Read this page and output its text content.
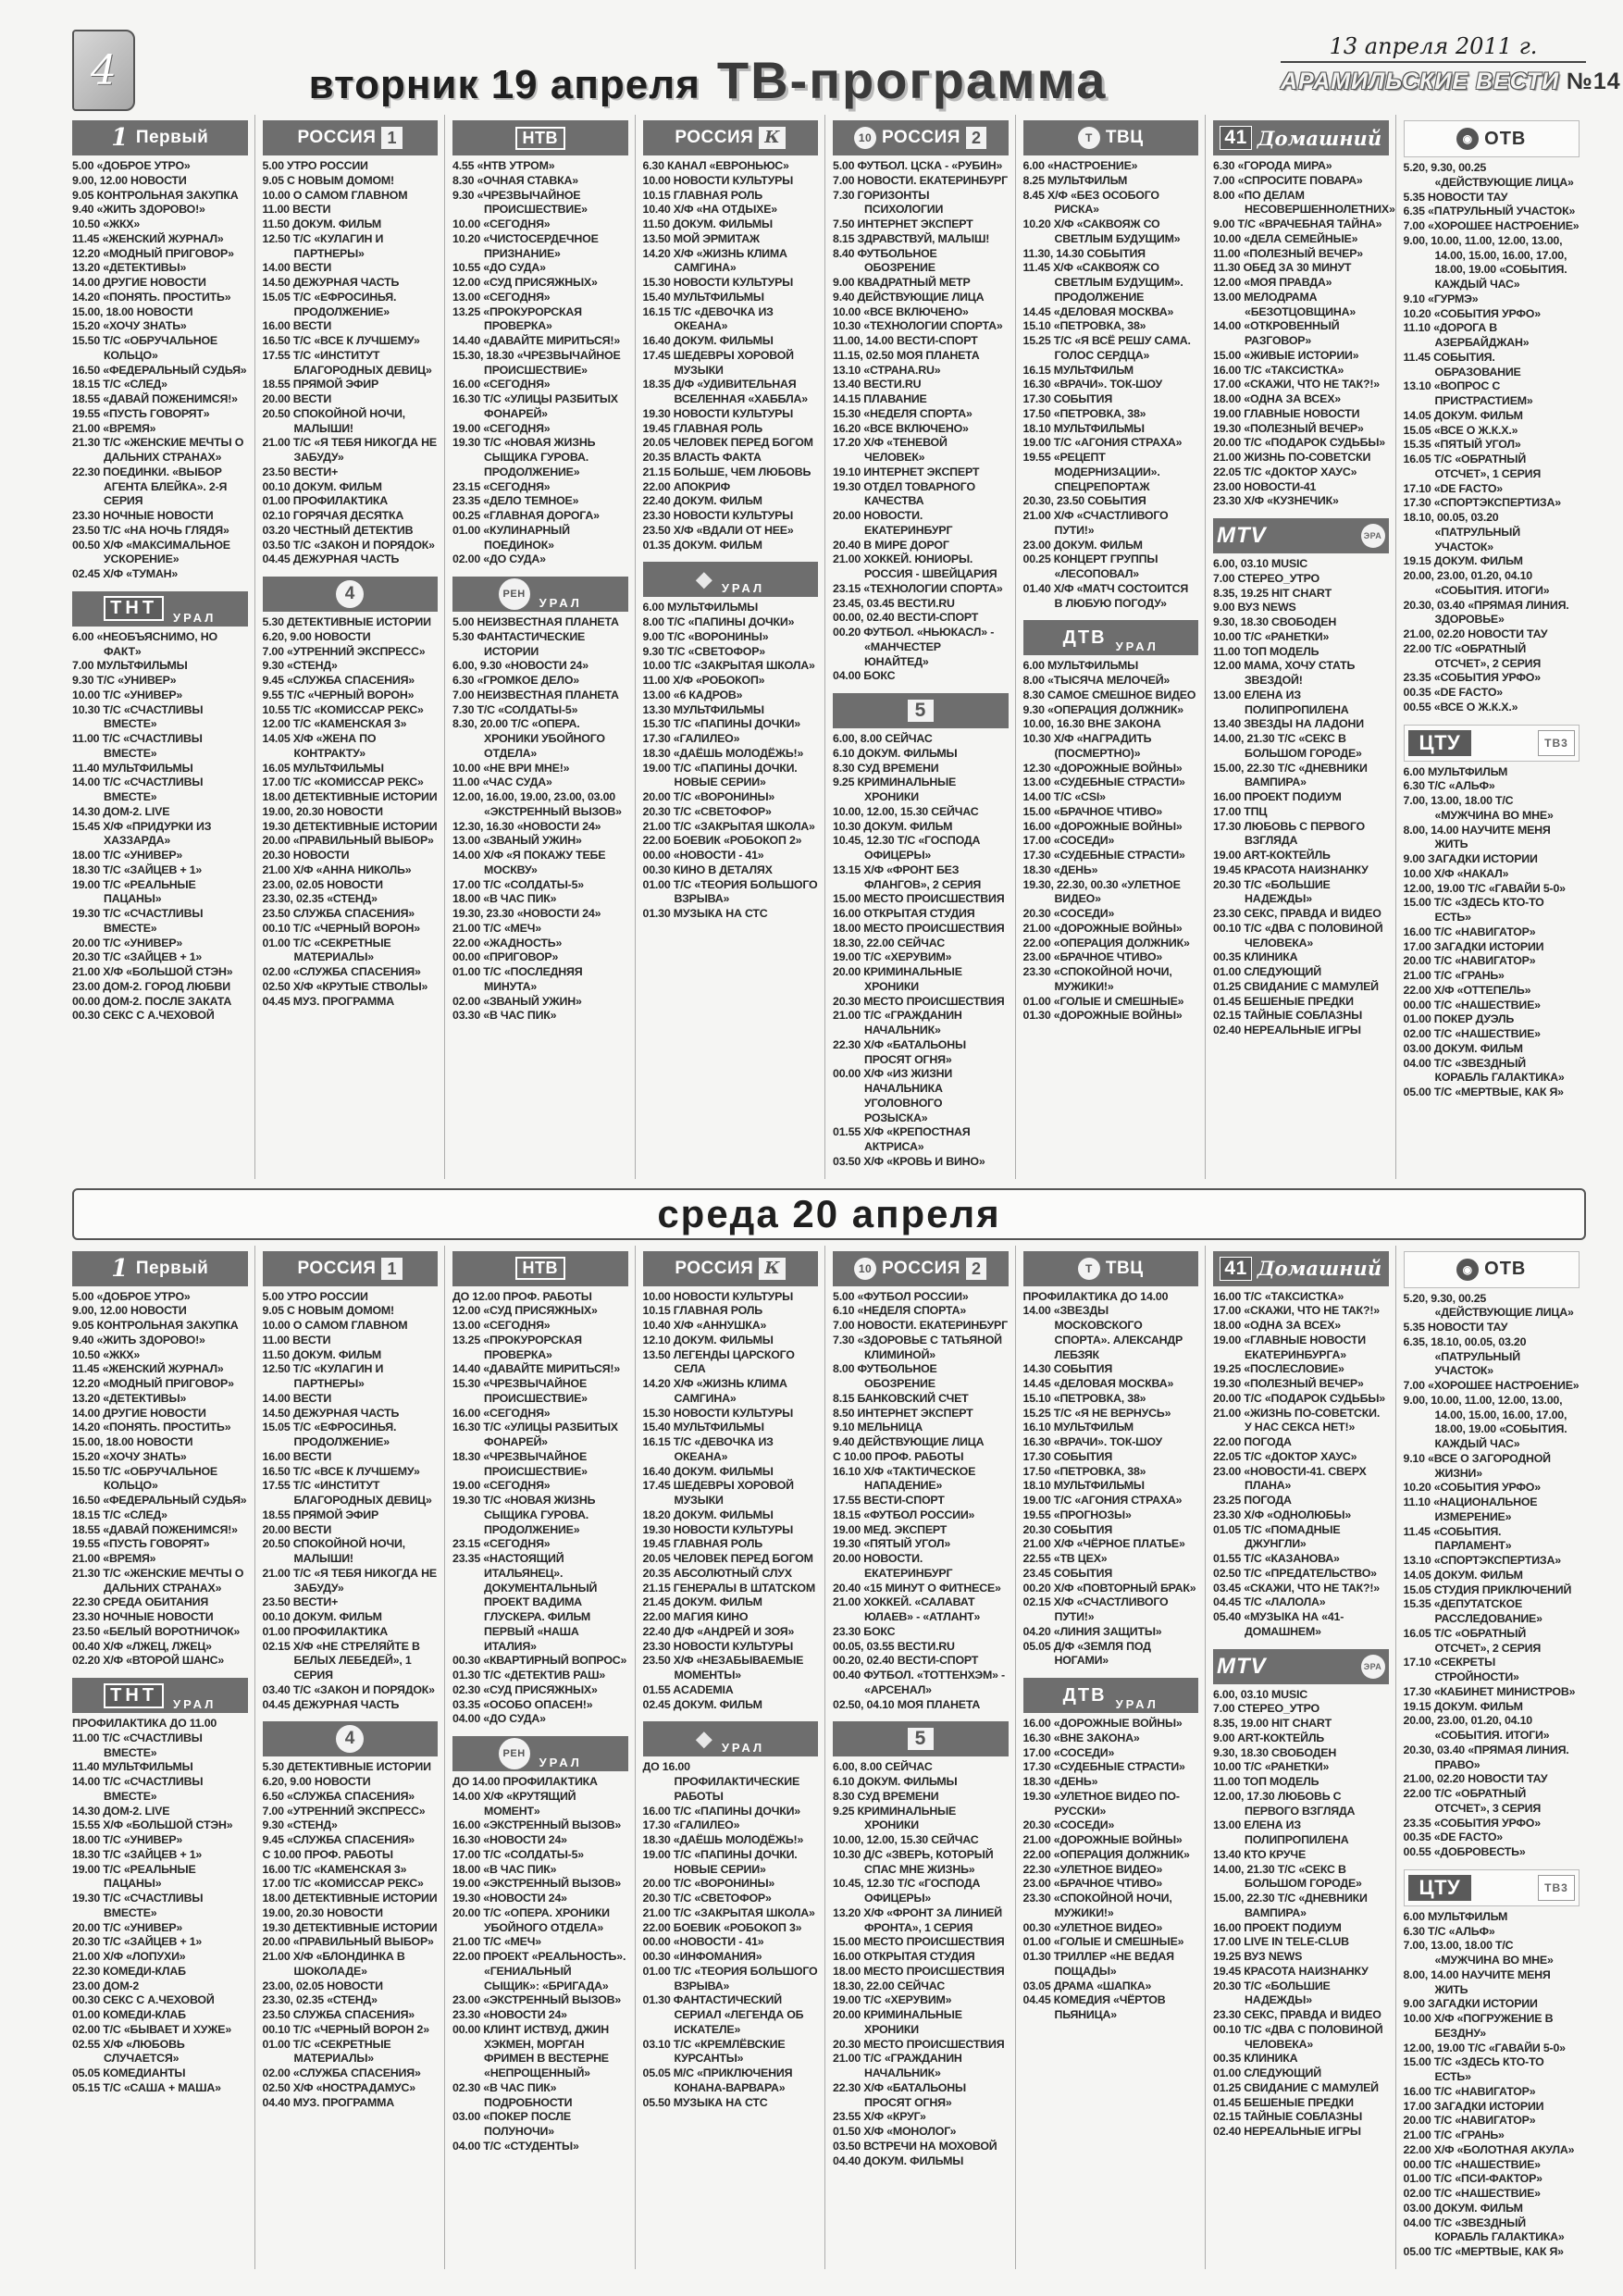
4	вторник 19 апреля ТВ-программа
13 апреля 2011 г.
АРАМИЛЬСКИЕ ВЕСТИ №14
1 Первый
5.00 «ДОБРОЕ УТРО»
9.00, 12.00 НОВОСТИ
9.05 КОНТРОЛЬНАЯ ЗАКУПКА
9.40 «ЖИТЬ ЗДОРОВО!»
10.50 «ЖКХ»
11.45 «ЖЕНСКИЙ ЖУРНАЛ»
12.20 «МОДНЫЙ ПРИГОВОР»
13.20 «ДЕТЕКТИВЫ»
14.00 ДРУГИЕ НОВОСТИ
14.20 «ПОНЯТЬ. ПРОСТИТЬ»
15.00, 18.00 НОВОСТИ
15.20 «ХОЧУ ЗНАТЬ»
15.50 Т/С «ОБРУЧАЛЬНОЕ КОЛЬЦО»
16.50 «ФЕДЕРАЛЬНЫЙ СУДЬЯ»
18.15 Т/С «СЛЕД»
18.55 «ДАВАЙ ПОЖЕНИМСЯ!»
19.55 «ПУСТЬ ГОВОРЯТ»
21.00 «ВРЕМЯ»
21.30 Т/С «ЖЕНСКИЕ МЕЧТЫ О ДАЛЬНИХ СТРАНАХ»
22.30 ПОЕДИНКИ. «ВЫБОР АГЕНТА БЛЕЙКА». 2-Я СЕРИЯ
23.30 НОЧНЫЕ НОВОСТИ
23.50 Т/С «НА НОЧЬ ГЛЯДЯ»
00.50 Х/Ф «МАКСИМАЛЬНОЕ УСКОРЕНИЕ»
02.45 Х/Ф «ТУМАН»
ТНТ	УРАЛ
6.00 «НЕОБЪЯСНИМО, НО ФАКТ»
7.00 МУЛЬТФИЛЬМЫ
9.30 Т/С «УНИВЕР»
10.00 Т/С «УНИВЕР»
10.30 Т/С «СЧАСТЛИВЫ ВМЕСТЕ»
11.00 Т/С «СЧАСТЛИВЫ ВМЕСТЕ»
11.40 МУЛЬТФИЛЬМЫ
14.00 Т/С «СЧАСТЛИВЫ ВМЕСТЕ»
14.30 ДОМ-2. LIVE
15.45 Х/Ф «ПРИДУРКИ ИЗ ХАЗЗАРДА»
18.00 Т/С «УНИВЕР»
18.30 Т/С «ЗАЙЦЕВ + 1»
19.00 Т/С «РЕАЛЬНЫЕ ПАЦАНЫ»
19.30 Т/С «СЧАСТЛИВЫ ВМЕСТЕ»
20.00 Т/С «УНИВЕР»
20.30 Т/С «ЗАЙЦЕВ + 1»
21.00 Х/Ф «БОЛЬШОЙ СТЭН»
23.00 ДОМ-2. ГОРОД ЛЮБВИ
00.00 ДОМ-2. ПОСЛЕ ЗАКАТА
00.30 СЕКС С А.ЧЕХОВОЙ
РОССИЯ 1
5.00 УТРО РОССИИ
9.05 С НОВЫМ ДОМОМ!
10.00 О САМОМ ГЛАВНОМ
11.00 ВЕСТИ
11.50 ДОКУМ. ФИЛЬМ
12.50 Т/С «КУЛАГИН И ПАРТНЕРЫ»
14.00 ВЕСТИ
14.50 ДЕЖУРНАЯ ЧАСТЬ
15.05 Т/С «ЕФРОСИНЬЯ. ПРОДОЛЖЕНИЕ»
16.00 ВЕСТИ
16.50 Т/С «ВСЕ К ЛУЧШЕМУ»
17.55 Т/С «ИНСТИТУТ БЛАГОРОДНЫХ ДЕВИЦ»
18.55 ПРЯМОЙ ЭФИР
20.00 ВЕСТИ
20.50 СПОКОЙНОЙ НОЧИ, МАЛЫШИ!
21.00 Т/С «Я ТЕБЯ НИКОГДА НЕ ЗАБУДУ»
23.50 ВЕСТИ+
00.10 ДОКУМ. ФИЛЬМ
01.00 ПРОФИЛАКТИКА
02.10 ГОРЯЧАЯ ДЕСЯТКА
03.20 ЧЕСТНЫЙ ДЕТЕКТИВ
03.50 Т/С «ЗАКОН И ПОРЯДОК»
04.45 ДЕЖУРНАЯ ЧАСТЬ
4
5.30 ДЕТЕКТИВНЫЕ ИСТОРИИ
6.20, 9.00 НОВОСТИ
7.00 «УТРЕННИЙ ЭКСПРЕСС»
9.30 «СТЕНД»
9.45 «СЛУЖБА СПАСЕНИЯ»
9.55 Т/С «ЧЕРНЫЙ ВОРОН»
10.55 Т/С «КОМИССАР РЕКС»
12.00 Т/С «КАМЕНСКАЯ 3»
14.05 Х/Ф «ЖЕНА ПО КОНТРАКТУ»
16.05 МУЛЬТФИЛЬМЫ
17.00 Т/С «КОМИССАР РЕКС»
18.00 ДЕТЕКТИВНЫЕ ИСТОРИИ
19.00, 20.30 НОВОСТИ
19.30 ДЕТЕКТИВНЫЕ ИСТОРИИ
20.00 «ПРАВИЛЬНЫЙ ВЫБОР»
20.30 НОВОСТИ
21.00 Х/Ф «АННА НИКОЛЬ»
23.00, 02.05 НОВОСТИ
23.30, 02.35 «СТЕНД»
23.50 СЛУЖБА СПАСЕНИЯ»
00.10 Т/С «ЧЕРНЫЙ ВОРОН»
01.00 Т/С «СЕКРЕТНЫЕ МАТЕРИАЛЫ»
02.00 «СЛУЖБА СПАСЕНИЯ»
02.50 Х/Ф «КРУТЫЕ СТВОЛЫ»
04.45 МУЗ. ПРОГРАММА
НТВ
4.55 «НТВ УТРОМ»
8.30 «ОЧНАЯ СТАВКА»
9.30 «ЧРЕЗВЫЧАЙНОЕ ПРОИСШЕСТВИЕ»
10.00 «СЕГОДНЯ»
10.20 «ЧИСТОСЕРДЕЧНОЕ ПРИЗНАНИЕ»
10.55 «ДО СУДА»
12.00 «СУД ПРИСЯЖНЫХ»
13.00 «СЕГОДНЯ»
13.25 «ПРОКУРОРСКАЯ ПРОВЕРКА»
14.40 «ДАВАЙТЕ МИРИТЬСЯ!»
15.30, 18.30 «ЧРЕЗВЫЧАЙНОЕ ПРОИСШЕСТВИЕ»
16.00 «СЕГОДНЯ»
16.30 Т/С «УЛИЦЫ РАЗБИТЫХ ФОНАРЕЙ»
19.00 «СЕГОДНЯ»
19.30 Т/С «НОВАЯ ЖИЗНЬ СЫЩИКА ГУРОВА. ПРОДОЛЖЕНИЕ»
23.15 «СЕГОДНЯ»
23.35 «ДЕЛО ТЕМНОЕ»
00.25 «ГЛАВНАЯ ДОРОГА»
01.00 «КУЛИНАРНЫЙ ПОЕДИНОК»
02.00 «ДО СУДА»
РЕН
УРАЛ
5.00 НЕИЗВЕСТНАЯ ПЛАНЕТА
5.30 ФАНТАСТИЧЕСКИЕ ИСТОРИИ
6.00, 9.30 «НОВОСТИ 24»
6.30 «ГРОМКОЕ ДЕЛО»
7.00 НЕИЗВЕСТНАЯ ПЛАНЕТА
7.30 Т/С «СОЛДАТЫ-5»
8.30, 20.00 Т/С «ОПЕРА. ХРОНИКИ УБОЙНОГО ОТДЕЛА»
10.00 «НЕ ВРИ МНЕ!»
11.00 «ЧАС СУДА»
12.00, 16.00, 19.00, 23.00, 03.00 «ЭКСТРЕННЫЙ ВЫЗОВ»
12.30, 16.30 «НОВОСТИ 24»
13.00 «ЗВАНЫЙ УЖИН»
14.00 Х/Ф «Я ПОКАЖУ ТЕБЕ МОСКВУ»
17.00 Т/С «СОЛДАТЫ-5»
18.00 «В ЧАС ПИК»
19.30, 23.30 «НОВОСТИ 24»
21.00 Т/С «МЕЧ»
22.00 «ЖАДНОСТЬ»
00.00 «ПРИГОВОР»
01.00 Т/С «ПОСЛЕДНЯЯ МИНУТА»
02.00 «ЗВАНЫЙ УЖИН»
03.30 «В ЧАС ПИК»
РОССИЯ К
6.30 КАНАЛ «ЕВРОНЬЮС»
10.00 НОВОСТИ КУЛЬТУРЫ
10.15 ГЛАВНАЯ РОЛЬ
10.40 Х/Ф «НА ОТДЫХЕ»
11.50 ДОКУМ. ФИЛЬМЫ
13.50 МОЙ ЭРМИТАЖ
14.20 Х/Ф «ЖИЗНЬ КЛИМА САМГИНА»
15.30 НОВОСТИ КУЛЬТУРЫ
15.40 МУЛЬТФИЛЬМЫ
16.15 Т/С «ДЕВОЧКА ИЗ ОКЕАНА»
16.40 ДОКУМ. ФИЛЬМЫ
17.45 ШЕДЕВРЫ ХОРОВОЙ МУЗЫКИ
18.35 Д/Ф «УДИВИТЕЛЬНАЯ ВСЕЛЕННАЯ «ХАББЛА»
19.30 НОВОСТИ КУЛЬТУРЫ
19.45 ГЛАВНАЯ РОЛЬ
20.05 ЧЕЛОВЕК ПЕРЕД БОГОМ
20.35 ВЛАСТЬ ФАКТА
21.15 БОЛЬШЕ, ЧЕМ ЛЮБОВЬ
22.00 АПОКРИФ
22.40 ДОКУМ. ФИЛЬМ
23.30 НОВОСТИ КУЛЬТУРЫ
23.50 Х/Ф «ВДАЛИ ОТ НЕЕ»
01.35 ДОКУМ. ФИЛЬМ
◆ УРАЛ
6.00 МУЛЬТФИЛЬМЫ
8.00 Т/С «ПАПИНЫ ДОЧКИ»
9.00 Т/С «ВОРОНИНЫ»
9.30 Т/С «СВЕТОФОР»
10.00 Т/С «ЗАКРЫТАЯ ШКОЛА»
11.00 Х/Ф «РОБОКОП»
13.00 «6 КАДРОВ»
13.30 МУЛЬТФИЛЬМЫ
15.30 Т/С «ПАПИНЫ ДОЧКИ»
17.30 «ГАЛИЛЕО»
18.30 «ДАЁШЬ МОЛОДЁЖЬ!»
19.00 Т/С «ПАПИНЫ ДОЧКИ. НОВЫЕ СЕРИИ»
20.00 Т/С «ВОРОНИНЫ»
20.30 Т/С «СВЕТОФОР»
21.00 Т/С «ЗАКРЫТАЯ ШКОЛА»
22.00 БОЕВИК «РОБОКОП 2»
00.00 «НОВОСТИ - 41»
00.30 КИНО В ДЕТАЛЯХ
01.00 Т/С «ТЕОРИЯ БОЛЬШОГО ВЗРЫВА»
01.30 МУЗЫКА НА СТС
10 РОССИЯ 2
5.00 ФУТБОЛ. ЦСКА - «РУБИН»
7.00 НОВОСТИ. ЕКАТЕРИНБУРГ
7.30 ГОРИЗОНТЫ ПСИХОЛОГИИ
7.50 ИНТЕРНЕТ ЭКСПЕРТ
8.15 ЗДРАВСТВУЙ, МАЛЫШ!
8.40 ФУТБОЛЬНОЕ ОБОЗРЕНИЕ
9.00 КВАДРАТНЫЙ МЕТР
9.40 ДЕЙСТВУЮЩИЕ ЛИЦА
10.00 «ВСЕ ВКЛЮЧЕНО»
10.30 «ТЕХНОЛОГИИ СПОРТА»
11.00, 14.00 ВЕСТИ-СПОРТ
11.15, 02.50 МОЯ ПЛАНЕТА
13.10 «СТРАНА.RU»
13.40 ВЕСТИ.RU
14.15 ПЛАВАНИЕ
15.30 «НЕДЕЛЯ СПОРТА»
16.20 «ВСЕ ВКЛЮЧЕНО»
17.20 Х/Ф «ТЕНЕВОЙ ЧЕЛОВЕК»
19.10 ИНТЕРНЕТ ЭКСПЕРТ
19.30 ОТДЕЛ ТОВАРНОГО КАЧЕСТВА
20.00 НОВОСТИ. ЕКАТЕРИНБУРГ
20.40 В МИРЕ ДОРОГ
21.00 ХОККЕЙ. ЮНИОРЫ. РОССИЯ - ШВЕЙЦАРИЯ
23.15 «ТЕХНОЛОГИИ СПОРТА»
23.45, 03.45 ВЕСТИ.RU
00.00, 02.40 ВЕСТИ-СПОРТ
00.20 ФУТБОЛ. «НЬЮКАСЛ» - «МАНЧЕСТЕР ЮНАЙТЕД»
04.00 БОКС
5
6.00, 8.00 СЕЙЧАС
6.10 ДОКУМ. ФИЛЬМЫ
8.30 СУД ВРЕМЕНИ
9.25 КРИМИНАЛЬНЫЕ ХРОНИКИ
10.00, 12.00, 15.30 СЕЙЧАС
10.30 ДОКУМ. ФИЛЬМ
10.45, 12.30 Т/С «ГОСПОДА ОФИЦЕРЫ»
13.15 Х/Ф «ФРОНТ БЕЗ ФЛАНГОВ», 2 СЕРИЯ
15.00 МЕСТО ПРОИСШЕСТВИЯ
16.00 ОТКРЫТАЯ СТУДИЯ
18.00 МЕСТО ПРОИСШЕСТВИЯ
18.30, 22.00 СЕЙЧАС
19.00 Т/С «ХЕРУВИМ»
20.00 КРИМИНАЛЬНЫЕ ХРОНИКИ
20.30 МЕСТО ПРОИСШЕСТВИЯ
21.00 Т/С «ГРАЖДАНИН НАЧАЛЬНИК»
22.30 Х/Ф «БАТАЛЬОНЫ ПРОСЯТ ОГНЯ»
00.00 Х/Ф «ИЗ ЖИЗНИ НАЧАЛЬНИКА УГОЛОВНОГО РОЗЫСКА»
01.55 Х/Ф «КРЕПОСТНАЯ АКТРИСА»
03.50 Х/Ф «КРОВЬ И ВИНО»
Т ТВЦ
6.00 «НАСТРОЕНИЕ»
8.25 МУЛЬТФИЛЬМ
8.45 Х/Ф «БЕЗ ОСОБОГО РИСКА»
10.20 Х/Ф «САКВОЯЖ СО СВЕТЛЫМ БУДУЩИМ»
11.30, 14.30 СОБЫТИЯ
11.45 Х/Ф «САКВОЯЖ СО СВЕТЛЫМ БУДУЩИМ». ПРОДОЛЖЕНИЕ
14.45 «ДЕЛОВАЯ МОСКВА»
15.10 «ПЕТРОВКА, 38»
15.25 Т/С «Я ВСЁ РЕШУ САМА. ГОЛОС СЕРДЦА»
16.15 МУЛЬТФИЛЬМ
16.30 «ВРАЧИ». ТОК-ШОУ
17.30 СОБЫТИЯ
17.50 «ПЕТРОВКА, 38»
18.10 МУЛЬТФИЛЬМЫ
19.00 Т/С «АГОНИЯ СТРАХА»
19.55 «РЕЦЕПТ МОДЕРНИЗАЦИИ». СПЕЦРЕПОРТАЖ
20.30, 23.50 СОБЫТИЯ
21.00 Х/Ф «СЧАСТЛИВОГО ПУТИ!»
23.00 ДОКУМ. ФИЛЬМ
00.25 КОНЦЕРТ ГРУППЫ «ЛЕСОПОВАЛ»
01.40 Х/Ф «МАТЧ СОСТОИТСЯ В ЛЮБУЮ ПОГОДУ»
ДТВ УРАЛ
6.00 МУЛЬТФИЛЬМЫ
8.00 «ТЫСЯЧА МЕЛОЧЕЙ»
8.30 САМОЕ СМЕШНОЕ ВИДЕО
9.30 «ОПЕРАЦИЯ ДОЛЖНИК»
10.00, 16.30 ВНЕ ЗАКОНА
10.30 Х/Ф «НАГРАДИТЬ (ПОСМЕРТНО)»
12.30 «ДОРОЖНЫЕ ВОЙНЫ»
13.00 «СУДЕБНЫЕ СТРАСТИ»
14.00 Т/С «CSI»
15.00 «БРАЧНОЕ ЧТИВО»
16.00 «ДОРОЖНЫЕ ВОЙНЫ»
17.00 «СОСЕДИ»
17.30 «СУДЕБНЫЕ СТРАСТИ»
18.30 «ДЕНЬ»
19.30, 22.30, 00.30 «УЛЕТНОЕ ВИДЕО»
20.30 «СОСЕДИ»
21.00 «ДОРОЖНЫЕ ВОЙНЫ»
22.00 «ОПЕРАЦИЯ ДОЛЖНИК»
23.00 «БРАЧНОЕ ЧТИВО»
23.30 «СПОКОЙНОЙ НОЧИ, МУЖИКИ!»
01.00 «ГОЛЫЕ И СМЕШНЫЕ»
01.30 «ДОРОЖНЫЕ ВОЙНЫ»
41 Домашний
6.30 «ГОРОДА МИРА»
7.00 «СПРОСИТЕ ПОВАРА»
8.00 «ПО ДЕЛАМ НЕСОВЕРШЕННОЛЕТНИХ»
9.00 Т/С «ВРАЧЕБНАЯ ТАЙНА»
10.00 «ДЕЛА СЕМЕЙНЫЕ»
11.00 «ПОЛЕЗНЫЙ ВЕЧЕР»
11.30 ОБЕД ЗА 30 МИНУТ
12.00 «МОЯ ПРАВДА»
13.00 МЕЛОДРАМА «БЕЗОТЦОВЩИНА»
14.00 «ОТКРОВЕННЫЙ РАЗГОВОР»
15.00 «ЖИВЫЕ ИСТОРИИ»
16.00 Т/С «ТАКСИСТКА»
17.00 «СКАЖИ, ЧТО НЕ ТАК?!»
18.00 «ОДНА ЗА ВСЕХ»
19.00 ГЛАВНЫЕ НОВОСТИ
19.30 «ПОЛЕЗНЫЙ ВЕЧЕР»
20.00 Т/С «ПОДАРОК СУДЬБЫ»
21.00 ЖИЗНЬ ПО-СОВЕТСКИ
22.05 Т/С «ДОКТОР ХАУС»
23.00 НОВОСТИ-41
23.30 Х/Ф «КУЗНЕЧИК»
MTV	ЭРА
6.00, 03.10 MUSIC
7.00 СТЕРЕО_УТРО
8.35, 19.25 HIT CHART
9.00 ВУЗ NEWS
9.30, 18.30 СВОБОДЕН
10.00 Т/С «РАНЕТКИ»
11.00 ТОП МОДЕЛЬ
12.00 МАМА, ХОЧУ СТАТЬ ЗВЕЗДОЙ!
13.00 ЕЛЕНА ИЗ ПОЛИПРОПИЛЕНА
13.40 ЗВЕЗДЫ НА ЛАДОНИ
14.00, 21.30 Т/С «СЕКС В БОЛЬШОМ ГОРОДЕ»
15.00, 22.30 Т/С «ДНЕВНИКИ ВАМПИРА»
16.00 ПРОЕКТ ПОДИУМ
17.00 ТПЦ
17.30 ЛЮБОВЬ С ПЕРВОГО ВЗГЛЯДА
19.00 ART-КОКТЕЙЛЬ
19.45 КРАСОТА НАИЗНАНКУ
20.30 Т/С «БОЛЬШИЕ НАДЕЖДЫ»
23.30 СЕКС, ПРАВДА И ВИДЕО
00.10 Т/С «ДВА С ПОЛОВИНОЙ ЧЕЛОВЕКА»
00.35 КЛИНИКА
01.00 СЛЕДУЮЩИЙ
01.25 СВИДАНИЕ С МАМУЛЕЙ
01.45 БЕШЕНЫЕ ПРЕДКИ
02.15 ТАЙНЫЕ СОБЛАЗНЫ
02.40 НЕРЕАЛЬНЫЕ ИГРЫ
◉ ОТВ
5.20, 9.30, 00.25 «ДЕЙСТВУЮЩИЕ ЛИЦА»
5.35 НОВОСТИ ТАУ
6.35 «ПАТРУЛЬНЫЙ УЧАСТОК»
7.00 «ХОРОШЕЕ НАСТРОЕНИЕ»
9.00, 10.00, 11.00, 12.00, 13.00, 14.00, 15.00, 16.00, 17.00, 18.00, 19.00 «СОБЫТИЯ. КАЖДЫЙ ЧАС»
9.10 «ГУРМЭ»
10.20 «СОБЫТИЯ УРФО»
11.10 «ДОРОГА В АЗЕРБАЙДЖАН»
11.45 СОБЫТИЯ. ОБРАЗОВАНИЕ
13.10 «ВОПРОС С ПРИСТРАСТИЕМ»
14.05 ДОКУМ. ФИЛЬМ
15.05 «ВСЕ О Ж.К.Х.»
15.35 «ПЯТЫЙ УГОЛ»
16.05 Т/С «ОБРАТНЫЙ ОТСЧЕТ», 1 СЕРИЯ
17.10 «DE FACTO»
17.30 «СПОРТЭКСПЕРТИЗА»
18.10, 00.05, 03.20 «ПАТРУЛЬНЫЙ УЧАСТОК»
19.15 ДОКУМ. ФИЛЬМ
20.00, 23.00, 01.20, 04.10 «СОБЫТИЯ. ИТОГИ»
20.30, 03.40 «ПРЯМАЯ ЛИНИЯ. ЗДОРОВЬЕ»
21.00, 02.20 НОВОСТИ ТАУ
22.00 Т/С «ОБРАТНЫЙ ОТСЧЕТ», 2 СЕРИЯ
23.35 «СОБЫТИЯ УРФО»
00.35 «DE FACTO»
00.55 «ВСЕ О Ж.К.Х.»
ЦТУ	ТВ3
6.00 МУЛЬТФИЛЬМ
6.30 Т/С «АЛЬФ»
7.00, 13.00, 18.00 Т/С «МУЖЧИНА ВО МНЕ»
8.00, 14.00 НАУЧИТЕ МЕНЯ ЖИТЬ
9.00 ЗАГАДКИ ИСТОРИИ
10.00 Х/Ф «НАКАЛ»
12.00, 19.00 Т/С «ГАВАЙИ 5-0»
15.00 Т/С «ЗДЕСЬ КТО-ТО ЕСТЬ»
16.00 Т/С «НАВИГАТОР»
17.00 ЗАГАДКИ ИСТОРИИ
20.00 Т/С «НАВИГАТОР»
21.00 Т/С «ГРАНЬ»
22.00 Х/Ф «ОТТЕПЕЛЬ»
00.00 Т/С «НАШЕСТВИЕ»
01.00 ПОКЕР ДУЭЛЬ
02.00 Т/С «НАШЕСТВИЕ»
03.00 ДОКУМ. ФИЛЬМ
04.00 Т/С «ЗВЕЗДНЫЙ КОРАБЛЬ ГАЛАКТИКА»
05.00 Т/С «МЕРТВЫЕ, КАК Я»
среда 20 апреля
1 Первый
5.00 «ДОБРОЕ УТРО»
9.00, 12.00 НОВОСТИ
9.05 КОНТРОЛЬНАЯ ЗАКУПКА
9.40 «ЖИТЬ ЗДОРОВО!»
10.50 «ЖКХ»
11.45 «ЖЕНСКИЙ ЖУРНАЛ»
12.20 «МОДНЫЙ ПРИГОВОР»
13.20 «ДЕТЕКТИВЫ»
14.00 ДРУГИЕ НОВОСТИ
14.20 «ПОНЯТЬ. ПРОСТИТЬ»
15.00, 18.00 НОВОСТИ
15.20 «ХОЧУ ЗНАТЬ»
15.50 Т/С «ОБРУЧАЛЬНОЕ КОЛЬЦО»
16.50 «ФЕДЕРАЛЬНЫЙ СУДЬЯ»
18.15 Т/С «СЛЕД»
18.55 «ДАВАЙ ПОЖЕНИМСЯ!»
19.55 «ПУСТЬ ГОВОРЯТ»
21.00 «ВРЕМЯ»
21.30 Т/С «ЖЕНСКИЕ МЕЧТЫ О ДАЛЬНИХ СТРАНАХ»
22.30 СРЕДА ОБИТАНИЯ
23.30 НОЧНЫЕ НОВОСТИ
23.50 «БЕЛЫЙ ВОРОТНИЧОК»
00.40 Х/Ф «ЛЖЕЦ, ЛЖЕЦ»
02.20 Х/Ф «ВТОРОЙ ШАНС»
ТНТ	УРАЛ
ПРОФИЛАКТИКА ДО 11.00
11.00 Т/С «СЧАСТЛИВЫ ВМЕСТЕ»
11.40 МУЛЬТФИЛЬМЫ
14.00 Т/С «СЧАСТЛИВЫ ВМЕСТЕ»
14.30 ДОМ-2. LIVE
15.55 Х/Ф «БОЛЬШОЙ СТЭН»
18.00 Т/С «УНИВЕР»
18.30 Т/С «ЗАЙЦЕВ + 1»
19.00 Т/С «РЕАЛЬНЫЕ ПАЦАНЫ»
19.30 Т/С «СЧАСТЛИВЫ ВМЕСТЕ»
20.00 Т/С «УНИВЕР»
20.30 Т/С «ЗАЙЦЕВ + 1»
21.00 Х/Ф «ЛОПУХИ»
22.30 КОМЕДИ-КЛАБ
23.00 ДОМ-2
00.30 СЕКС С А.ЧЕХОВОЙ
01.00 КОМЕДИ-КЛАБ
02.00 Т/С «БЫВАЕТ И ХУЖЕ»
02.55 Х/Ф «ЛЮБОВЬ СЛУЧАЕТСЯ»
05.05 КОМЕДИАНТЫ
05.15 Т/С «САША + МАША»
РОССИЯ 1
5.00 УТРО РОССИИ
9.05 С НОВЫМ ДОМОМ!
10.00 О САМОМ ГЛАВНОМ
11.00 ВЕСТИ
11.50 ДОКУМ. ФИЛЬМ
12.50 Т/С «КУЛАГИН И ПАРТНЕРЫ»
14.00 ВЕСТИ
14.50 ДЕЖУРНАЯ ЧАСТЬ
15.05 Т/С «ЕФРОСИНЬЯ. ПРОДОЛЖЕНИЕ»
16.00 ВЕСТИ
16.50 Т/С «ВСЕ К ЛУЧШЕМУ»
17.55 Т/С «ИНСТИТУТ БЛАГОРОДНЫХ ДЕВИЦ»
18.55 ПРЯМОЙ ЭФИР
20.00 ВЕСТИ
20.50 СПОКОЙНОЙ НОЧИ, МАЛЫШИ!
21.00 Т/С «Я ТЕБЯ НИКОГДА НЕ ЗАБУДУ»
23.50 ВЕСТИ+
00.10 ДОКУМ. ФИЛЬМ
01.00 ПРОФИЛАКТИКА
02.15 Х/Ф «НЕ СТРЕЛЯЙТЕ В БЕЛЫХ ЛЕБЕДЕЙ», 1 СЕРИЯ
03.40 Т/С «ЗАКОН И ПОРЯДОК»
04.45 ДЕЖУРНАЯ ЧАСТЬ
4
5.30 ДЕТЕКТИВНЫЕ ИСТОРИИ
6.20, 9.00 НОВОСТИ
6.50 «СЛУЖБА СПАСЕНИЯ»
7.00 «УТРЕННИЙ ЭКСПРЕСС»
9.30 «СТЕНД»
9.45 «СЛУЖБА СПАСЕНИЯ»
С 10.00 ПРОФ. РАБОТЫ
16.00 Т/С «КАМЕНСКАЯ 3»
17.00 Т/С «КОМИССАР РЕКС»
18.00 ДЕТЕКТИВНЫЕ ИСТОРИИ
19.00, 20.30 НОВОСТИ
19.30 ДЕТЕКТИВНЫЕ ИСТОРИИ
20.00 «ПРАВИЛЬНЫЙ ВЫБОР»
21.00 Х/Ф «БЛОНДИНКА В ШОКОЛАДЕ»
23.00, 02.05 НОВОСТИ
23.30, 02.35 «СТЕНД»
23.50 СЛУЖБА СПАСЕНИЯ»
00.10 Т/С «ЧЕРНЫЙ ВОРОН 2»
01.00 Т/С «СЕКРЕТНЫЕ МАТЕРИАЛЫ»
02.00 «СЛУЖБА СПАСЕНИЯ»
02.50 Х/Ф «НОСТРАДАМУС»
04.40 МУЗ. ПРОГРАММА
НТВ
ДО 12.00 ПРОФ. РАБОТЫ
12.00 «СУД ПРИСЯЖНЫХ»
13.00 «СЕГОДНЯ»
13.25 «ПРОКУРОРСКАЯ ПРОВЕРКА»
14.40 «ДАВАЙТЕ МИРИТЬСЯ!»
15.30 «ЧРЕЗВЫЧАЙНОЕ ПРОИСШЕСТВИЕ»
16.00 «СЕГОДНЯ»
16.30 Т/С «УЛИЦЫ РАЗБИТЫХ ФОНАРЕЙ»
18.30 «ЧРЕЗВЫЧАЙНОЕ ПРОИСШЕСТВИЕ»
19.00 «СЕГОДНЯ»
19.30 Т/С «НОВАЯ ЖИЗНЬ СЫЩИКА ГУРОВА. ПРОДОЛЖЕНИЕ»
23.15 «СЕГОДНЯ»
23.35 «НАСТОЯЩИЙ ИТАЛЬЯНЕЦ». ДОКУМЕНТАЛЬНЫЙ ПРОЕКТ ВАДИМА ГЛУСКЕРА. ФИЛЬМ ПЕРВЫЙ «НАША ИТАЛИЯ»
00.30 «КВАРТИРНЫЙ ВОПРОС»
01.30 Т/С «ДЕТЕКТИВ РАШ»
02.30 «СУД ПРИСЯЖНЫХ»
03.35 «ОСОБО ОПАСЕН!»
04.00 «ДО СУДА»
РЕН
УРАЛ
ДО 14.00 ПРОФИЛАКТИКА
14.00 Х/Ф «КРУТЯЩИЙ МОМЕНТ»
16.00 «ЭКСТРЕННЫЙ ВЫЗОВ»
16.30 «НОВОСТИ 24»
17.00 Т/С «СОЛДАТЫ-5»
18.00 «В ЧАС ПИК»
19.00 «ЭКСТРЕННЫЙ ВЫЗОВ»
19.30 «НОВОСТИ 24»
20.00 Т/С «ОПЕРА. ХРОНИКИ УБОЙНОГО ОТДЕЛА»
21.00 Т/С «МЕЧ»
22.00 ПРОЕКТ «РЕАЛЬНОСТЬ». «ГЕНИАЛЬНЫЙ СЫЩИК»: «БРИГАДА»
23.00 «ЭКСТРЕННЫЙ ВЫЗОВ»
23.30 «НОВОСТИ 24»
00.00 КЛИНТ ИСТВУД, ДЖИН ХЭКМЕН, МОРГАН ФРИМЕН В ВЕСТЕРНЕ «НЕПРОЩЕННЫЙ»
02.30 «В ЧАС ПИК» ПОДРОБНОСТИ
03.00 «ПОКЕР ПОСЛЕ ПОЛУНОЧИ»
04.00 Т/С «СТУДЕНТЫ»
РОССИЯ К
10.00 НОВОСТИ КУЛЬТУРЫ
10.15 ГЛАВНАЯ РОЛЬ
10.40 Х/Ф «АННУШКА»
12.10 ДОКУМ. ФИЛЬМЫ
13.50 ЛЕГЕНДЫ ЦАРСКОГО СЕЛА
14.20 Х/Ф «ЖИЗНЬ КЛИМА САМГИНА»
15.30 НОВОСТИ КУЛЬТУРЫ
15.40 МУЛЬТФИЛЬМЫ
16.15 Т/С «ДЕВОЧКА ИЗ ОКЕАНА»
16.40 ДОКУМ. ФИЛЬМЫ
17.45 ШЕДЕВРЫ ХОРОВОЙ МУЗЫКИ
18.20 ДОКУМ. ФИЛЬМЫ
19.30 НОВОСТИ КУЛЬТУРЫ
19.45 ГЛАВНАЯ РОЛЬ
20.05 ЧЕЛОВЕК ПЕРЕД БОГОМ
20.35 АБСОЛЮТНЫЙ СЛУХ
21.15 ГЕНЕРАЛЫ В ШТАТСКОМ
21.45 ДОКУМ. ФИЛЬМ
22.00 МАГИЯ КИНО
22.40 Д/Ф «АНДРЕЙ И ЗОЯ»
23.30 НОВОСТИ КУЛЬТУРЫ
23.50 Х/Ф «НЕЗАБЫВАЕМЫЕ МОМЕНТЫ»
01.55 ACADEMIA
02.45 ДОКУМ. ФИЛЬМ
◆ УРАЛ
ДО 16.00 ПРОФИЛАКТИЧЕСКИЕ РАБОТЫ
16.00 Т/С «ПАПИНЫ ДОЧКИ»
17.30 «ГАЛИЛЕО»
18.30 «ДАЁШЬ МОЛОДЁЖЬ!»
19.00 Т/С «ПАПИНЫ ДОЧКИ. НОВЫЕ СЕРИИ»
20.00 Т/С «ВОРОНИНЫ»
20.30 Т/С «СВЕТОФОР»
21.00 Т/С «ЗАКРЫТАЯ ШКОЛА»
22.00 БОЕВИК «РОБОКОП 3»
00.00 «НОВОСТИ - 41»
00.30 «ИНФОМАНИЯ»
01.00 Т/С «ТЕОРИЯ БОЛЬШОГО ВЗРЫВА»
01.30 ФАНТАСТИЧЕСКИЙ СЕРИАЛ «ЛЕГЕНДА ОБ ИСКАТЕЛЕ»
03.10 Т/С «КРЕМЛЁВСКИЕ КУРСАНТЫ»
05.05 М/С «ПРИКЛЮЧЕНИЯ КОНАНА-ВАРВАРА»
05.50 МУЗЫКА НА СТС
10 РОССИЯ 2
5.00 «ФУТБОЛ РОССИИ»
6.10 «НЕДЕЛЯ СПОРТА»
7.00 НОВОСТИ. ЕКАТЕРИНБУРГ
7.30 «ЗДОРОВЬЕ С ТАТЬЯНОЙ КЛИМИНОЙ»
8.00 ФУТБОЛЬНОЕ ОБОЗРЕНИЕ
8.15 БАНКОВСКИЙ СЧЕТ
8.50 ИНТЕРНЕТ ЭКСПЕРТ
9.10 МЕЛЬНИЦА
9.40 ДЕЙСТВУЮЩИЕ ЛИЦА
С 10.00 ПРОФ. РАБОТЫ
16.10 Х/Ф «ТАКТИЧЕСКОЕ НАПАДЕНИЕ»
17.55 ВЕСТИ-СПОРТ
18.15 «ФУТБОЛ РОССИИ»
19.00 МЕД. ЭКСПЕРТ
19.30 «ПЯТЫЙ УГОЛ»
20.00 НОВОСТИ. ЕКАТЕРИНБУРГ
20.40 «15 МИНУТ О ФИТНЕСЕ»
21.00 ХОККЕЙ. «САЛАВАТ ЮЛАЕВ» - «АТЛАНТ»
23.30 БОКС
00.05, 03.55 ВЕСТИ.RU
00.20, 02.40 ВЕСТИ-СПОРТ
00.40 ФУТБОЛ. «ТОТТЕНХЭМ» - «АРСЕНАЛ»
02.50, 04.10 МОЯ ПЛАНЕТА
5
6.00, 8.00 СЕЙЧАС
6.10 ДОКУМ. ФИЛЬМЫ
8.30 СУД ВРЕМЕНИ
9.25 КРИМИНАЛЬНЫЕ ХРОНИКИ
10.00, 12.00, 15.30 СЕЙЧАС
10.30 Д/С «ЗВЕРЬ, КОТОРЫЙ СПАС МНЕ ЖИЗНЬ»
10.45, 12.30 Т/С «ГОСПОДА ОФИЦЕРЫ»
13.20 Х/Ф «ФРОНТ ЗА ЛИНИЕЙ ФРОНТА», 1 СЕРИЯ
15.00 МЕСТО ПРОИСШЕСТВИЯ
16.00 ОТКРЫТАЯ СТУДИЯ
18.00 МЕСТО ПРОИСШЕСТВИЯ
18.30, 22.00 СЕЙЧАС
19.00 Т/С «ХЕРУВИМ»
20.00 КРИМИНАЛЬНЫЕ ХРОНИКИ
20.30 МЕСТО ПРОИСШЕСТВИЯ
21.00 Т/С «ГРАЖДАНИН НАЧАЛЬНИК»
22.30 Х/Ф «БАТАЛЬОНЫ ПРОСЯТ ОГНЯ»
23.55 Х/Ф «КРУГ»
01.50 Х/Ф «МОНОЛОГ»
03.50 ВСТРЕЧИ НА МОХОВОЙ
04.40 ДОКУМ. ФИЛЬМЫ
Т ТВЦ
ПРОФИЛАКТИКА ДО 14.00
14.00 «ЗВЕЗДЫ МОСКОВСКОГО СПОРТА». АЛЕКСАНДР ЛЕБЗЯК
14.30 СОБЫТИЯ
14.45 «ДЕЛОВАЯ МОСКВА»
15.10 «ПЕТРОВКА, 38»
15.25 Т/С «Я НЕ ВЕРНУСЬ»
16.10 МУЛЬТФИЛЬМ
16.30 «ВРАЧИ». ТОК-ШОУ
17.30 СОБЫТИЯ
17.50 «ПЕТРОВКА, 38»
18.10 МУЛЬТФИЛЬМЫ
19.00 Т/С «АГОНИЯ СТРАХА»
19.55 «ПРОГНОЗЫ»
20.30 СОБЫТИЯ
21.00 Х/Ф «ЧЁРНОЕ ПЛАТЬЕ»
22.55 «ТВ ЦЕХ»
23.45 СОБЫТИЯ
00.20 Х/Ф «ПОВТОРНЫЙ БРАК»
02.15 Х/Ф «СЧАСТЛИВОГО ПУТИ!»
04.20 «ЛИНИЯ ЗАЩИТЫ»
05.05 Д/Ф «ЗЕМЛЯ ПОД НОГАМИ»
ДТВ УРАЛ
16.00 «ДОРОЖНЫЕ ВОЙНЫ»
16.30 «ВНЕ ЗАКОНА»
17.00 «СОСЕДИ»
17.30 «СУДЕБНЫЕ СТРАСТИ»
18.30 «ДЕНЬ»
19.30 «УЛЕТНОЕ ВИДЕО ПО-РУССКИ»
20.30 «СОСЕДИ»
21.00 «ДОРОЖНЫЕ ВОЙНЫ»
22.00 «ОПЕРАЦИЯ ДОЛЖНИК»
22.30 «УЛЕТНОЕ ВИДЕО»
23.00 «БРАЧНОЕ ЧТИВО»
23.30 «СПОКОЙНОЙ НОЧИ, МУЖИКИ!»
00.30 «УЛЕТНОЕ ВИДЕО»
01.00 «ГОЛЫЕ И СМЕШНЫЕ»
01.30 ТРИЛЛЕР «НЕ ВЕДАЯ ПОЩАДЫ»
03.05 ДРАМА «ШАПКА»
04.45 КОМЕДИЯ «ЧЁРТОВ ПЬЯНИЦА»
41 Домашний
16.00 Т/С «ТАКСИСТКА»
17.00 «СКАЖИ, ЧТО НЕ ТАК?!»
18.00 «ОДНА ЗА ВСЕХ»
19.00 «ГЛАВНЫЕ НОВОСТИ ЕКАТЕРИНБУРГА»
19.25 «ПОСЛЕСЛОВИЕ»
19.30 «ПОЛЕЗНЫЙ ВЕЧЕР»
20.00 Т/С «ПОДАРОК СУДЬБЫ»
21.00 «ЖИЗНЬ ПО-СОВЕТСКИ. У НАС СЕКСА НЕТ!»
22.00 ПОГОДА
22.05 Т/С «ДОКТОР ХАУС»
23.00 «НОВОСТИ-41. СВЕРХ ПЛАНА»
23.25 ПОГОДА
23.30 Х/Ф «ОДНОЛЮБЫ»
01.05 Т/С «ПОМАДНЫЕ ДЖУНГЛИ»
01.55 Т/С «КАЗАНОВА»
02.50 Т/С «ПРЕДАТЕЛЬСТВО»
03.45 «СКАЖИ, ЧТО НЕ ТАК?!»
04.45 Т/С «ЛАЛОЛА»
05.40 «МУЗЫКА НА «41-ДОМАШНЕМ»
MTV	ЭРА
6.00, 03.10 MUSIC
7.00 СТЕРЕО_УТРО
8.35, 19.00 HIT CHART
9.00 ART-КОКТЕЙЛЬ
9.30, 18.30 СВОБОДЕН
10.00 Т/С «РАНЕТКИ»
11.00 ТОП МОДЕЛЬ
12.00, 17.30 ЛЮБОВЬ С ПЕРВОГО ВЗГЛЯДА
13.00 ЕЛЕНА ИЗ ПОЛИПРОПИЛЕНА
13.40 КТО КРУЧЕ
14.00, 21.30 Т/С «СЕКС В БОЛЬШОМ ГОРОДЕ»
15.00, 22.30 Т/С «ДНЕВНИКИ ВАМПИРА»
16.00 ПРОЕКТ ПОДИУМ
17.00 LIVE IN TELE-CLUB
19.25 ВУЗ NEWS
19.45 КРАСОТА НАИЗНАНКУ
20.30 Т/С «БОЛЬШИЕ НАДЕЖДЫ»
23.30 СЕКС, ПРАВДА И ВИДЕО
00.10 Т/С «ДВА С ПОЛОВИНОЙ ЧЕЛОВЕКА»
00.35 КЛИНИКА
01.00 СЛЕДУЮЩИЙ
01.25 СВИДАНИЕ С МАМУЛЕЙ
01.45 БЕШЕНЫЕ ПРЕДКИ
02.15 ТАЙНЫЕ СОБЛАЗНЫ
02.40 НЕРЕАЛЬНЫЕ ИГРЫ
◉ ОТВ
5.20, 9.30, 00.25 «ДЕЙСТВУЮЩИЕ ЛИЦА»
5.35 НОВОСТИ ТАУ
6.35, 18.10, 00.05, 03.20 «ПАТРУЛЬНЫЙ УЧАСТОК»
7.00 «ХОРОШЕЕ НАСТРОЕНИЕ»
9.00, 10.00, 11.00, 12.00, 13.00, 14.00, 15.00, 16.00, 17.00, 18.00, 19.00 «СОБЫТИЯ. КАЖДЫЙ ЧАС»
9.10 «ВСЕ О ЗАГОРОДНОЙ ЖИЗНИ»
10.20 «СОБЫТИЯ УРФО»
11.10 «НАЦИОНАЛЬНОЕ ИЗМЕРЕНИЕ»
11.45 «СОБЫТИЯ. ПАРЛАМЕНТ»
13.10 «СПОРТЭКСПЕРТИЗА»
14.05 ДОКУМ. ФИЛЬМ
15.05 СТУДИЯ ПРИКЛЮЧЕНИЙ
15.35 «ДЕПУТАТСКОЕ РАССЛЕДОВАНИЕ»
16.05 Т/С «ОБРАТНЫЙ ОТСЧЕТ», 2 СЕРИЯ
17.10 «СЕКРЕТЫ СТРОЙНОСТИ»
17.30 «КАБИНЕТ МИНИСТРОВ»
19.15 ДОКУМ. ФИЛЬМ
20.00, 23.00, 01.20, 04.10 «СОБЫТИЯ. ИТОГИ»
20.30, 03.40 «ПРЯМАЯ ЛИНИЯ. ПРАВО»
21.00, 02.20 НОВОСТИ ТАУ
22.00 Т/С «ОБРАТНЫЙ ОТСЧЕТ», 3 СЕРИЯ
23.35 «СОБЫТИЯ УРФО»
00.35 «DE FACTO»
00.55 «ДОБРОВЕСТЬ»
ЦТУ	ТВ3
6.00 МУЛЬТФИЛЬМ
6.30 Т/С «АЛЬФ»
7.00, 13.00, 18.00 Т/С «МУЖЧИНА ВО МНЕ»
8.00, 14.00 НАУЧИТЕ МЕНЯ ЖИТЬ
9.00 ЗАГАДКИ ИСТОРИИ
10.00 Х/Ф «ПОГРУЖЕНИЕ В БЕЗДНУ»
12.00, 19.00 Т/С «ГАВАЙИ 5-0»
15.00 Т/С «ЗДЕСЬ КТО-ТО ЕСТЬ»
16.00 Т/С «НАВИГАТОР»
17.00 ЗАГАДКИ ИСТОРИИ
20.00 Т/С «НАВИГАТОР»
21.00 Т/С «ГРАНЬ»
22.00 Х/Ф «БОЛОТНАЯ АКУЛА»
00.00 Т/С «НАШЕСТВИЕ»
01.00 Т/С «ПСИ-ФАКТОР»
02.00 Т/С «НАШЕСТВИЕ»
03.00 ДОКУМ. ФИЛЬМ
04.00 Т/С «ЗВЕЗДНЫЙ КОРАБЛЬ ГАЛАКТИКА»
05.00 Т/С «МЕРТВЫЕ, КАК Я»
